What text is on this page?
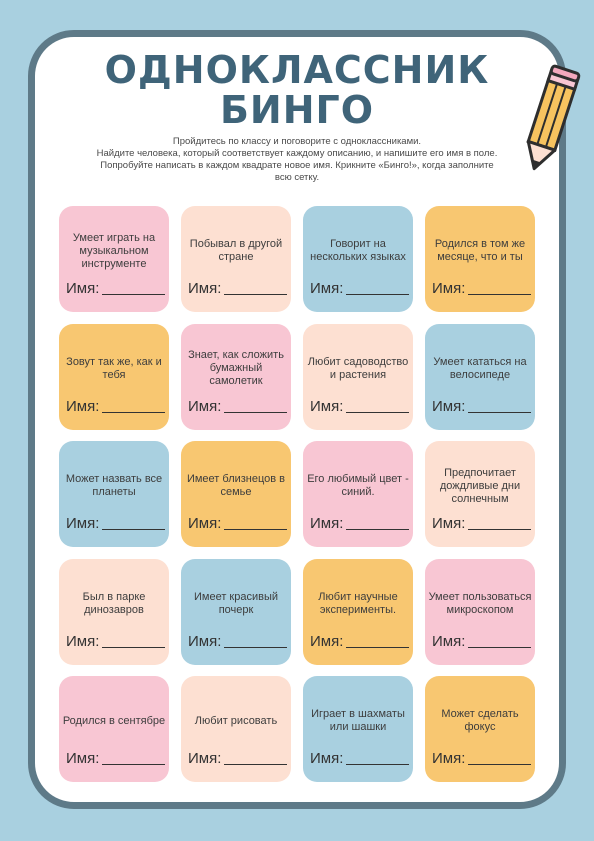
ОДНОКЛАССНИК
БИНГО
Пройдитесь по классу и поговорите с одноклассниками.
Найдите человека, который соответствует каждому описанию, и напишите его имя в поле.
Попробуйте написать в каждом квадрате новое имя. Крикните «Бинго!», когда заполните
всю сетку.
Умеет играть на музыкальном инструменте
Имя:
Побывал в другой стране
Имя:
Говорит на нескольких языках
Имя:
Родился в том же месяце, что и ты
Имя:
Зовут так же, как и тебя
Имя:
Знает, как сложить бумажный самолетик
Имя:
Любит садоводство и растения
Имя:
Умеет кататься на велосипеде
Имя:
Может назвать все планеты
Имя:
Имеет близнецов в семье
Имя:
Его любимый цвет - синий.
Имя:
Предпочитает дождливые дни солнечным
Имя:
Был в парке динозавров
Имя:
Имеет красивый почерк
Имя:
Любит научные эксперименты.
Имя:
Умеет пользоваться микроскопом
Имя:
Родился в сентябре
Имя:
Любит рисовать
Имя:
Играет в шахматы или шашки
Имя:
Может сделать фокус
Имя:
